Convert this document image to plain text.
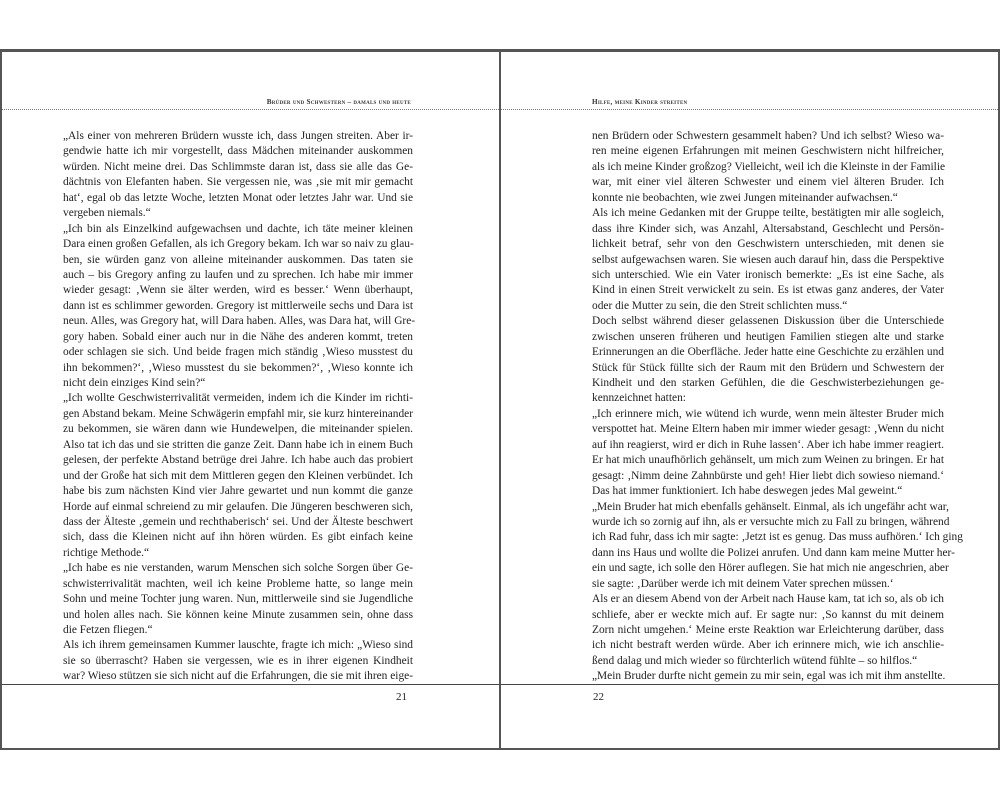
Brüder und Schwestern – damals und heute
„Als einer von mehreren Brüdern wusste ich, dass Jungen streiten. Aber ir-
gendwie hatte ich mir vorgestellt, dass Mädchen miteinander auskommen
würden. Nicht meine drei. Das Schlimmste daran ist, dass sie alle das Ge-
dächtnis von Elefanten haben. Sie vergessen nie, was ‚sie mit mir gemacht
hat‘, egal ob das letzte Woche, letzten Monat oder letztes Jahr war. Und sie
vergeben niemals.“
„Ich bin als Einzelkind aufgewachsen und dachte, ich täte meiner kleinen
Dara einen großen Gefallen, als ich Gregory bekam. Ich war so naiv zu glau-
ben, sie würden ganz von alleine miteinander auskommen. Das taten sie
auch – bis Gregory anfing zu laufen und zu sprechen. Ich habe mir immer
wieder gesagt: ‚Wenn sie älter werden, wird es besser.‘ Wenn überhaupt,
dann ist es schlimmer geworden. Gregory ist mittlerweile sechs und Dara ist
neun. Alles, was Gregory hat, will Dara haben. Alles, was Dara hat, will Gre-
gory haben. Sobald einer auch nur in die Nähe des anderen kommt, treten
oder schlagen sie sich. Und beide fragen mich ständig ‚Wieso musstest du
ihn bekommen?‘, ‚Wieso musstest du sie bekommen?‘, ‚Wieso konnte ich
nicht dein einziges Kind sein?“
„Ich wollte Geschwisterrivalität vermeiden, indem ich die Kinder im richti-
gen Abstand bekam. Meine Schwägerin empfahl mir, sie kurz hintereinander
zu bekommen, sie wären dann wie Hundewelpen, die miteinander spielen.
Also tat ich das und sie stritten die ganze Zeit. Dann habe ich in einem Buch
gelesen, der perfekte Abstand betrüge drei Jahre. Ich habe auch das probiert
und der Große hat sich mit dem Mittleren gegen den Kleinen verbündet. Ich
habe bis zum nächsten Kind vier Jahre gewartet und nun kommt die ganze
Horde auf einmal schreiend zu mir gelaufen. Die Jüngeren beschweren sich,
dass der Älteste ‚gemein und rechthaberisch‘ sei. Und der Älteste beschwert
sich, dass die Kleinen nicht auf ihn hören würden. Es gibt einfach keine
richtige Methode.“
„Ich habe es nie verstanden, warum Menschen sich solche Sorgen über Ge-
schwisterrivalität machten, weil ich keine Probleme hatte, so lange mein
Sohn und meine Tochter jung waren. Nun, mittlerweile sind sie Jugendliche
und holen alles nach. Sie können keine Minute zusammen sein, ohne dass
die Fetzen fliegen.“
Als ich ihrem gemeinsamen Kummer lauschte, fragte ich mich: „Wieso sind
sie so überrascht? Haben sie vergessen, wie es in ihrer eigenen Kindheit
war? Wieso stützen sie sich nicht auf die Erfahrungen, die sie mit ihren eige-
21
Hilfe, meine Kinder streiten
nen Brüdern oder Schwestern gesammelt haben? Und ich selbst? Wieso wa-
ren meine eigenen Erfahrungen mit meinen Geschwistern nicht hilfreicher,
als ich meine Kinder großzog? Vielleicht, weil ich die Kleinste in der Familie
war, mit einer viel älteren Schwester und einem viel älteren Bruder. Ich
konnte nie beobachten, wie zwei Jungen miteinander aufwachsen.“
Als ich meine Gedanken mit der Gruppe teilte, bestätigten mir alle sogleich,
dass ihre Kinder sich, was Anzahl, Altersabstand, Geschlecht und Persön-
lichkeit betraf, sehr von den Geschwistern unterschieden, mit denen sie
selbst aufgewachsen waren. Sie wiesen auch darauf hin, dass die Perspektive
sich unterschied. Wie ein Vater ironisch bemerkte: „Es ist eine Sache, als
Kind in einen Streit verwickelt zu sein. Es ist etwas ganz anderes, der Vater
oder die Mutter zu sein, die den Streit schlichten muss.“
Doch selbst während dieser gelassenen Diskussion über die Unterschiede
zwischen unseren früheren und heutigen Familien stiegen alte und starke
Erinnerungen an die Oberfläche. Jeder hatte eine Geschichte zu erzählen und
Stück für Stück füllte sich der Raum mit den Brüdern und Schwestern der
Kindheit und den starken Gefühlen, die die Geschwisterbeziehungen ge-
kennzeichnet hatten:
„Ich erinnere mich, wie wütend ich wurde, wenn mein ältester Bruder mich
verspottet hat. Meine Eltern haben mir immer wieder gesagt: ‚Wenn du nicht
auf ihn reagierst, wird er dich in Ruhe lassen‘. Aber ich habe immer reagiert.
Er hat mich unaufhörlich gehänselt, um mich zum Weinen zu bringen. Er hat
gesagt: ‚Nimm deine Zahnbürste und geh! Hier liebt dich sowieso niemand.‘
Das hat immer funktioniert. Ich habe deswegen jedes Mal geweint.“
„Mein Bruder hat mich ebenfalls gehänselt. Einmal, als ich ungefähr acht war,
wurde ich so zornig auf ihn, als er versuchte mich zu Fall zu bringen, während
ich Rad fuhr, dass ich mir sagte: ‚Jetzt ist es genug. Das muss aufhören.‘ Ich ging
dann ins Haus und wollte die Polizei anrufen. Und dann kam meine Mutter her-
ein und sagte, ich solle den Hörer auflegen. Sie hat mich nie angeschrien, aber
sie sagte: ‚Darüber werde ich mit deinem Vater sprechen müssen.‘
Als er an diesem Abend von der Arbeit nach Hause kam, tat ich so, als ob ich
schliefe, aber er weckte mich auf. Er sagte nur: ‚So kannst du mit deinem
Zorn nicht umgehen.‘ Meine erste Reaktion war Erleichterung darüber, dass
ich nicht bestraft werden würde. Aber ich erinnere mich, wie ich anschlie-
ßend dalag und mich wieder so fürchterlich wütend fühlte – so hilflos.“
„Mein Bruder durfte nicht gemein zu mir sein, egal was ich mit ihm anstellte.
22
